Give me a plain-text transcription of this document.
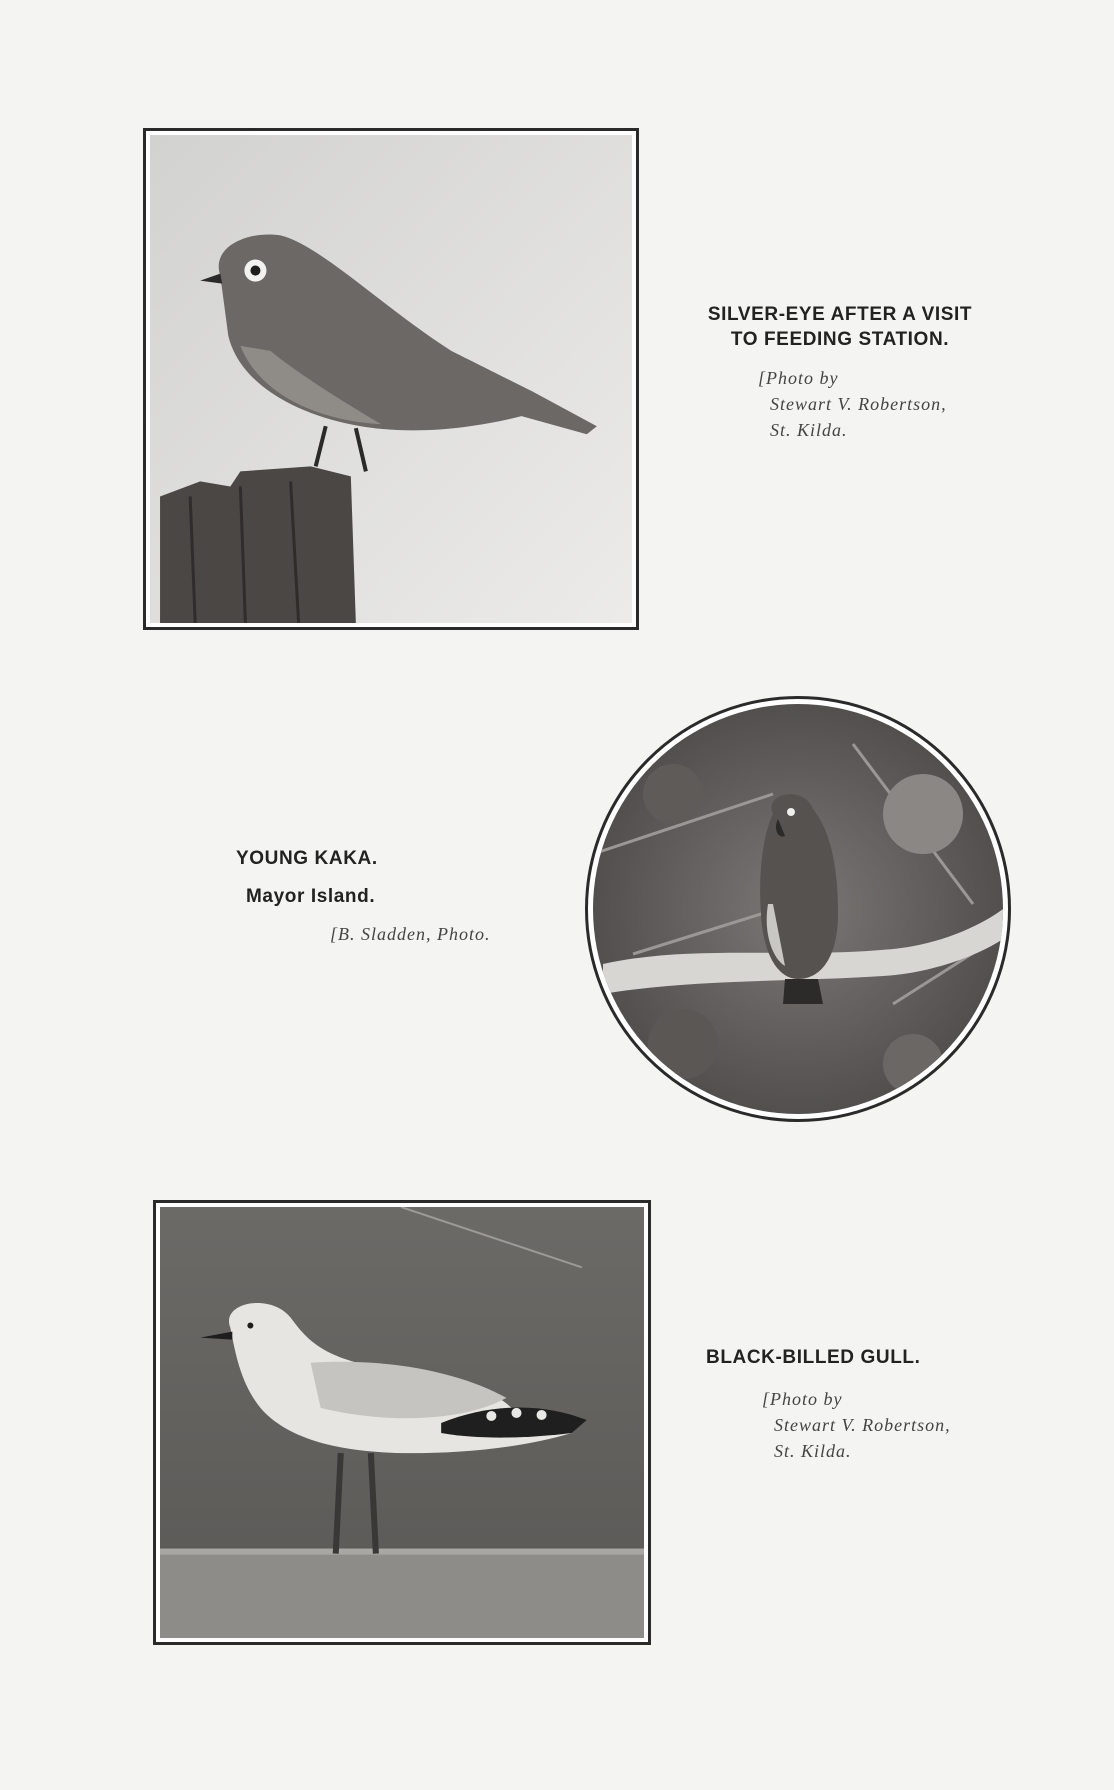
SILVER-EYE AFTER A VISIT

TO FEEDING STATION.

[Photo by

Stewart V. Robertson,

St. Kilda.

YOUNG KAKA.

Mayor Island.

[B. Sladden, Photo.

BLACK-BILLED GULL.

[Photo by

Stewart V. Robertson,

St. Kilda.
